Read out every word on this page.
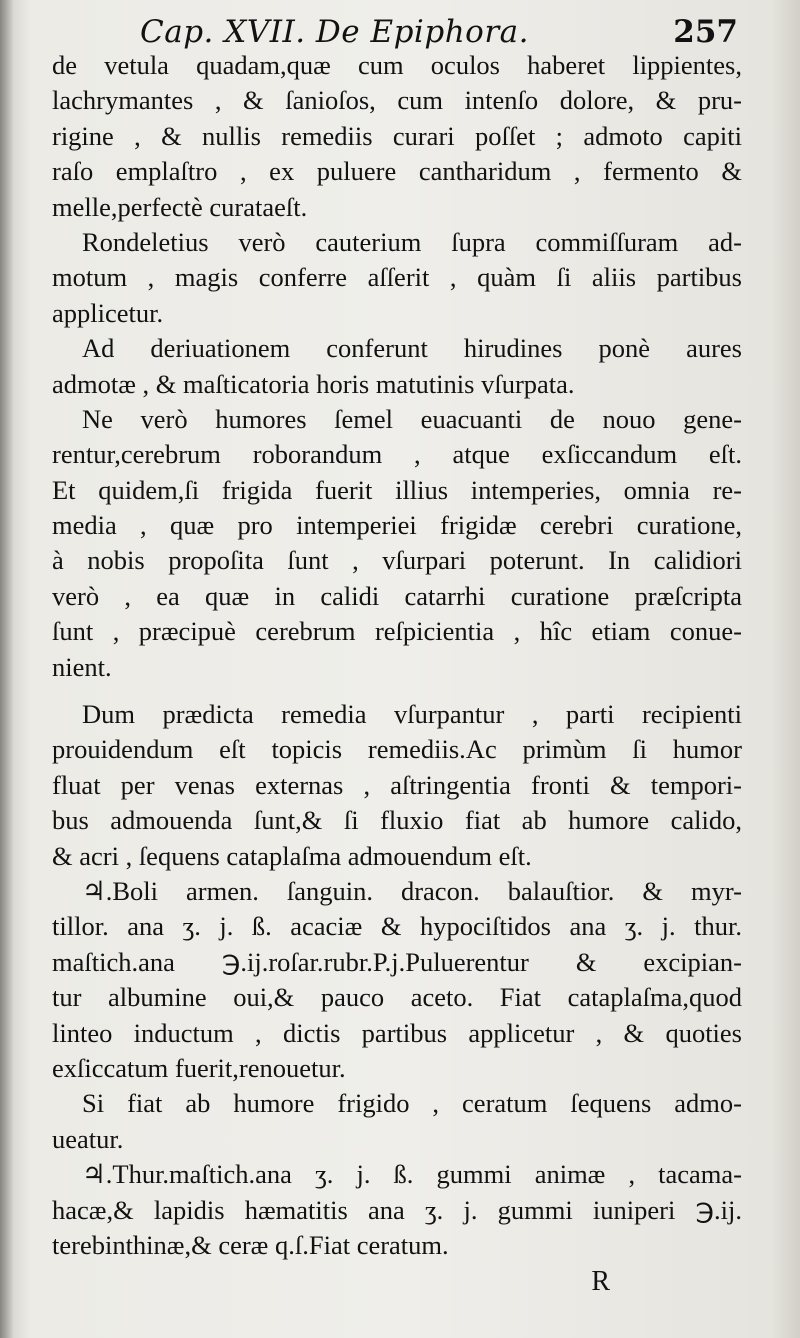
Cap. XVII. De Epiphora.	257
de vetula quadam,quæ cum oculos haberet lippientes,
lachrymantes , & ſanioſos, cum intenſo dolore, & pru-
rigine , & nullis remediis curari poſſet ; admoto capiti
raſo emplaſtro , ex puluere cantharidum , fermento &
melle,perfectè curataeſt.
Rondeletius verò cauterium ſupra commiſſuram ad-
motum , magis conferre aſſerit , quàm ſi aliis partibus
applicetur.
Ad deriuationem conferunt hirudines ponè aures
admotæ , & maſticatoria horis matutinis vſurpata.
Ne verò humores ſemel euacuanti de nouo gene-
rentur,cerebrum roborandum , atque exſiccandum eſt.
Et quidem,ſi frigida fuerit illius intemperies, omnia re-
media , quæ pro intemperiei frigidæ cerebri curatione,
à nobis propoſita ſunt , vſurpari poterunt. In calidiori
verò , ea quæ in calidi catarrhi curatione præſcripta
ſunt , præcipuè cerebrum reſpicientia , hîc etiam conue-
nient.
Dum prædicta remedia vſurpantur , parti recipienti
prouidendum eſt topicis remediis.Ac primùm ſi humor
fluat per venas externas , aſtringentia fronti & tempori-
bus admouenda ſunt,& ſi fluxio fiat ab humore calido,
& acri , ſequens cataplaſma admouendum eſt.
♃.Boli armen. ſanguin. dracon. balauſtior. & myr-
tillor. ana ʒ. j. ß. acaciæ & hypociſtidos ana ʒ. j. thur.
maſtich.ana ℈.ij.roſar.rubr.P.j.Puluerentur & excipian-
tur albumine oui,& pauco aceto. Fiat cataplaſma,quod
linteo inductum , dictis partibus applicetur , & quoties
exſiccatum fuerit,renouetur.
Si fiat ab humore frigido , ceratum ſequens admo-
ueatur.
♃.Thur.maſtich.ana ʒ. j. ß. gummi animæ , tacama-
hacæ,& lapidis hæmatitis ana ʒ. j. gummi iuniperi ℈.ij.
terebinthinæ,& ceræ q.ſ.Fiat ceratum.
R
